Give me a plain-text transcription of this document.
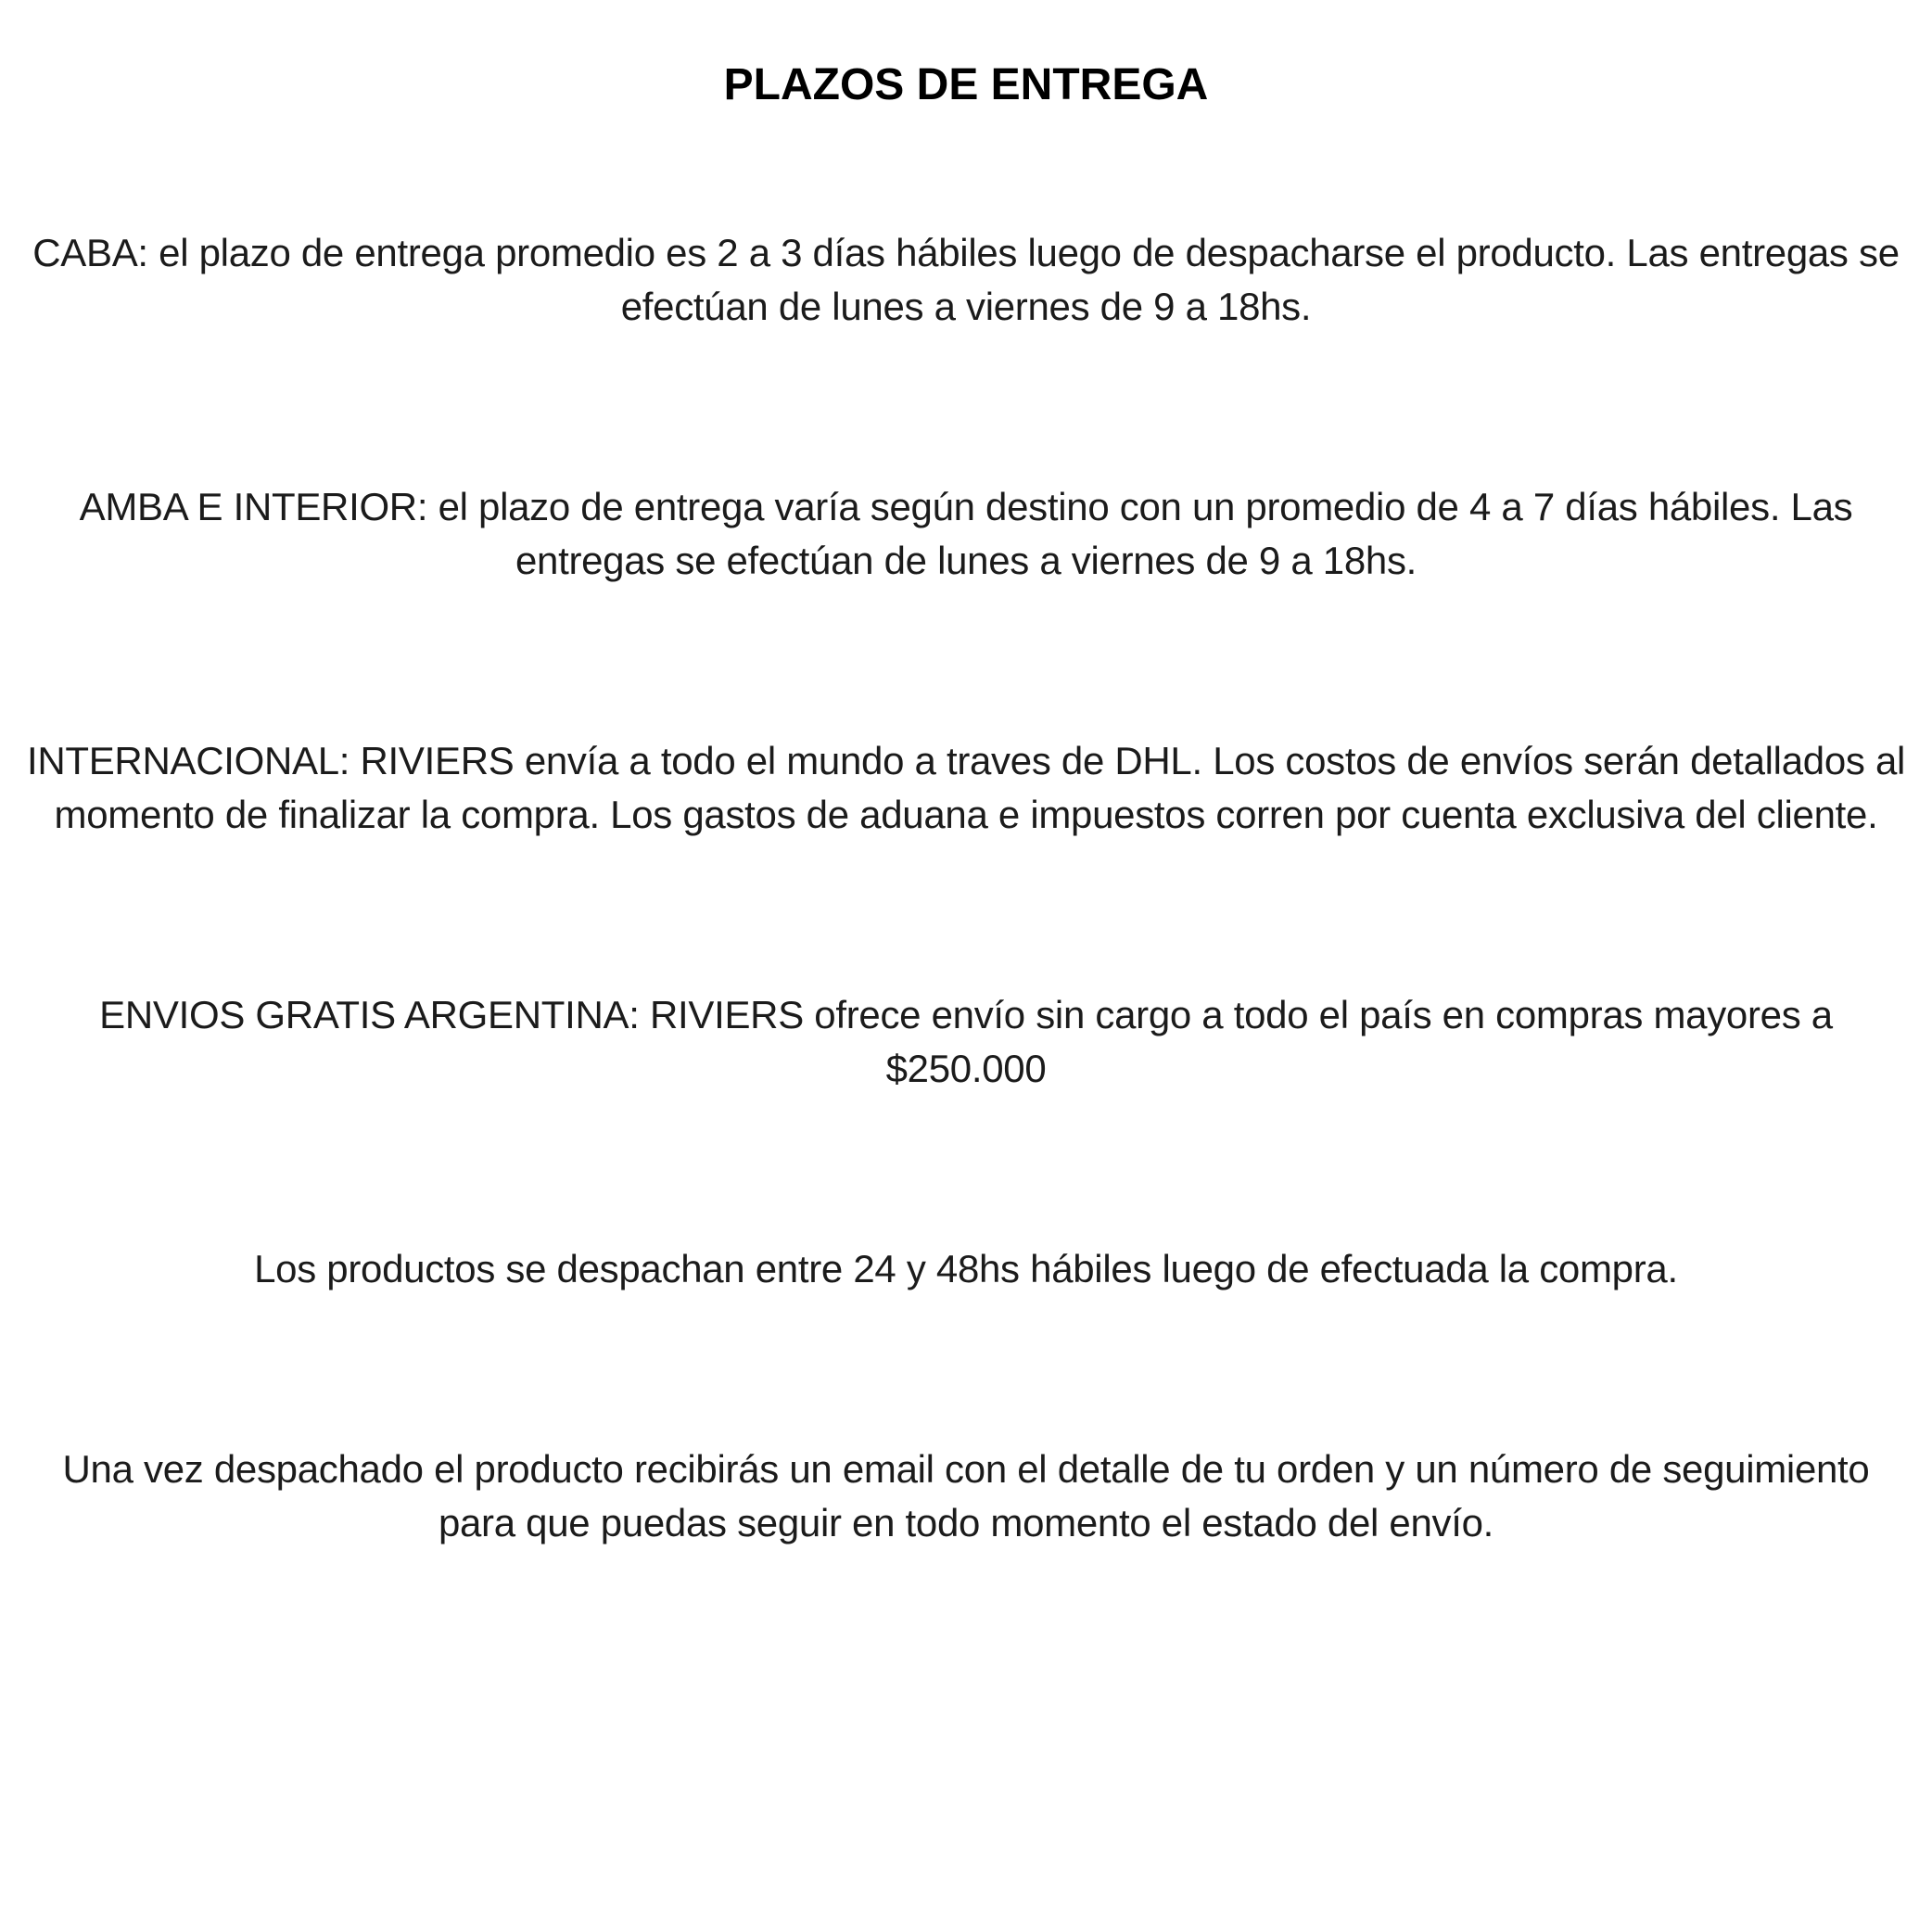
PLAZOS DE ENTREGA

CABA: el plazo de entrega promedio es 2 a 3 días hábiles luego de despacharse el producto. Las entregas se efectúan de lunes a viernes de 9 a 18hs.

AMBA E INTERIOR: el plazo de entrega varía según destino con un promedio de 4 a 7 días hábiles. Las entregas se efectúan de lunes a viernes de 9 a 18hs.

INTERNACIONAL: RIVIERS envía a todo el mundo a traves de DHL. Los costos de envíos serán detallados al momento de finalizar la compra. Los gastos de aduana e impuestos corren por cuenta exclusiva del cliente.

ENVIOS GRATIS ARGENTINA: RIVIERS ofrece envío sin cargo a todo el país en compras mayores a $250.000

Los productos se despachan entre 24 y 48hs hábiles luego de efectuada la compra.

Una vez despachado el producto recibirás un email con el detalle de tu orden y un número de seguimiento para que puedas seguir en todo momento el estado del envío.
